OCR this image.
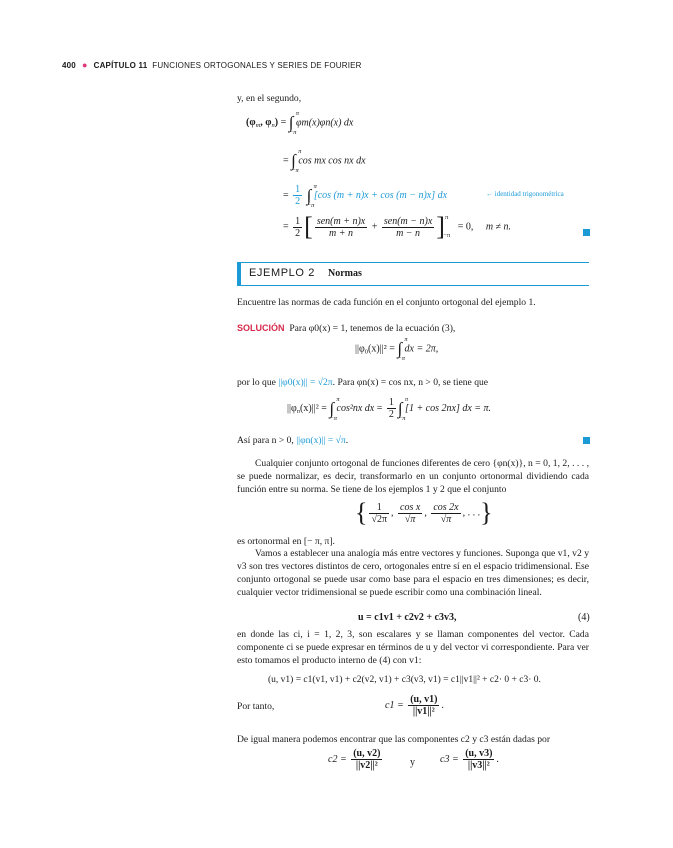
400 ● CAPÍTULO 11 FUNCIONES ORTOGONALES Y SERIES DE FOURIER
y, en el segundo,
($\varphi_m$, $\varphi_n$) = ∫ π
−π
φm(x)φn(x) dx
= ∫ π
−π
cos mx cos nx dx
= $\frac{1}{2}$ ∫ π
−π
[cos (m + n)x + cos (m − n)x] dx	← identidad trigonométrica
= $\frac{1}{2}$ [ $\frac{\text{sen(m + n)x}}{m + n} + \frac{\text{sen(m − n)x}}{m - n} ]^\pi_{-\pi} = 0$, m ≠ n.
EJEMPLO 2 Normas
Encuentre las normas de cada función en el conjunto ortogonal del ejemplo 1.
SOLUCIÓN Para φ0(x) = 1, tenemos de la ecuación (3),
$||\varphi_0(x)||^2$ = ∫ π
−π
dx = 2π,
por lo que ||φ0(x)|| = √2π. Para φn(x) = cos nx, n > 0, se tiene que
$||\varphi_n(x)||^2$ = ∫ π
−π
cos²nx dx = $\frac{1}{2}$ ∫ π
−π
[1 + cos 2nx] dx = π.
Así para n > 0, ||φn(x)|| = √π.
Cualquier conjunto ortogonal de funciones diferentes de cero {φn(x)}, n = 0, 1, 2, . . . , se puede normalizar, es decir, transformarlo en un conjunto ortonormal dividiendo cada función entre su norma. Se tiene de los ejemplos 1 y 2 que el conjunto
{ $\frac{1}{√2\pi}$ , $\frac{\text{cos x}}{√\pi}$ , $\frac{\cos 2x}{√\pi}$ , . . .}
es ortonormal en [− π, π].
Vamos a establecer una analogía más entre vectores y funciones. Suponga que v1, v2 y v3 son tres vectores distintos de cero, ortogonales entre sí en el espacio tridimensional. Ese conjunto ortogonal se puede usar como base para el espacio en tres dimensiones; es decir, cualquier vector tridimensional se puede escribir como una combinación lineal.
u = c1v1 + c2v2 + c3v3,	(4)
en donde las ci, i = 1, 2, 3, son escalares y se llaman componentes del vector. Cada componente ci se puede expresar en términos de u y del vector vi correspondiente. Para ver esto tomamos el producto interno de (4) con v1:
(u, v1) = c1(v1, v1) + c2(v2, v1) + c3(v3, v1) = c1||v1||² + c2· 0 + c3· 0.
Por tanto,	$c1 = \frac{(u, v1)}{\text{||v1||²}}$ .
De igual manera podemos encontrar que las componentes c2 y c3 están dadas por
$c2 = \frac{(u, v2)}{\text{||v2||²}}$	y	$c3 = \frac{(u, v3)}{\text{||v3||²}}$ .
